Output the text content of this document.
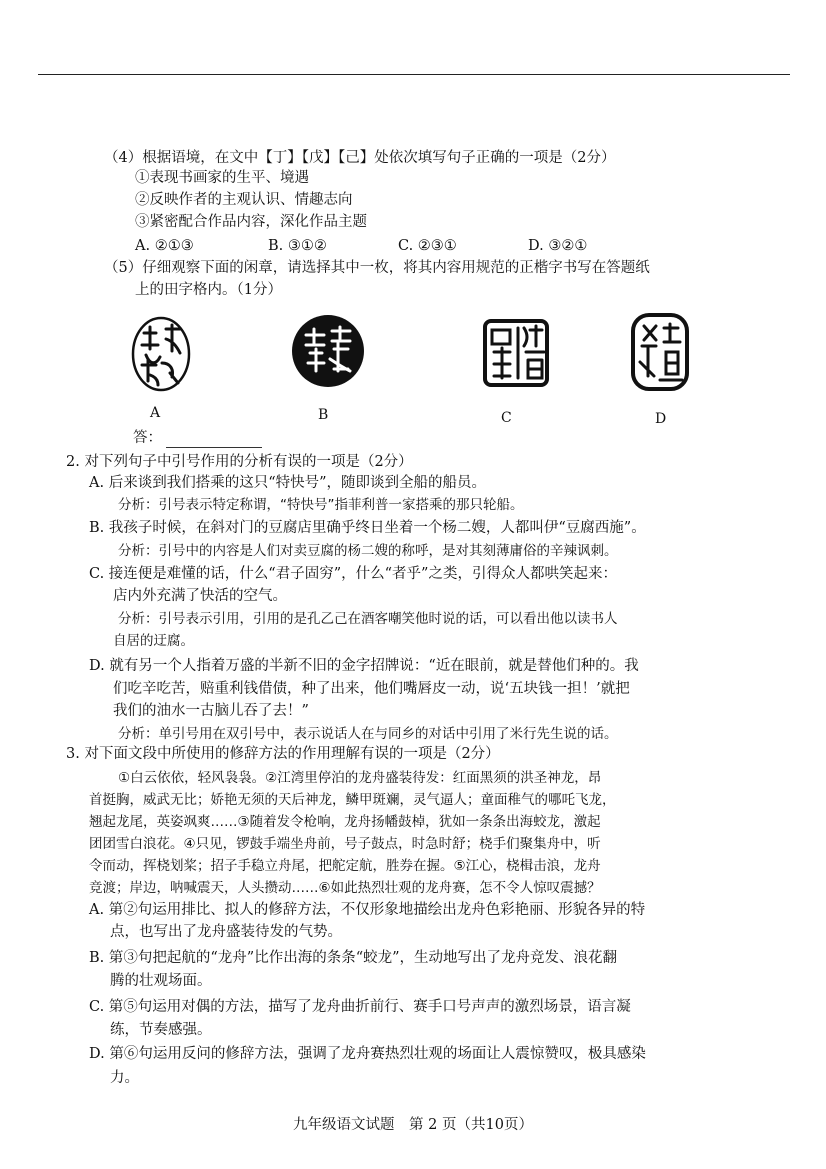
（4）根据语境，在文中【丁】【戊】【己】处依次填写句子正确的一项是（2分）
①表现书画家的生平、境遇
②反映作者的主观认识、情趣志向
③紧密配合作品内容，深化作品主题
A. ②①③	B. ③①②	C. ②③①	D. ③②①
（5）仔细观察下面的闲章，请选择其中一枚，将其内容用规范的正楷字书写在答题纸
上的田字格内。（1分）
A	B	C	D
答：
2. 对下列句子中引号作用的分析有误的一项是（2分）
A. 后来谈到我们搭乘的这只“特快号”，随即谈到全船的船员。
分析：引号表示特定称谓，“特快号”指菲利普一家搭乘的那只轮船。
B. 我孩子时候，在斜对门的豆腐店里确乎终日坐着一个杨二嫂，人都叫伊“豆腐西施”。
分析：引号中的内容是人们对卖豆腐的杨二嫂的称呼，是对其刻薄庸俗的辛辣讽刺。
C. 接连便是难懂的话，什么“君子固穷”，什么“者乎”之类，引得众人都哄笑起来：
店内外充满了快活的空气。
分析：引号表示引用，引用的是孔乙己在酒客嘲笑他时说的话，可以看出他以读书人
自居的迂腐。
D. 就有另一个人指着万盛的半新不旧的金字招牌说：“近在眼前，就是替他们种的。我
们吃辛吃苦，赔重利钱借债，种了出来，他们嘴唇皮一动，说‘五块钱一担！’就把
我们的油水一古脑儿吞了去！”
分析：单引号用在双引号中，表示说话人在与同乡的对话中引用了米行先生说的话。
3. 对下面文段中所使用的修辞方法的作用理解有误的一项是（2分）
①白云依依，轻风袅袅。②江湾里停泊的龙舟盛装待发：红面黑须的洪圣神龙，昂
首挺胸，威武无比；娇艳无须的天后神龙，鳞甲斑斓，灵气逼人；童面稚气的哪吒飞龙，
翘起龙尾，英姿飒爽……③随着发令枪响，龙舟扬幡鼓棹，犹如一条条出海蛟龙，激起
团团雪白浪花。④只见，锣鼓手端坐舟前，号子鼓点，时急时舒；桡手们聚集舟中，听
令而动，挥桡划桨；招子手稳立舟尾，把舵定航，胜券在握。⑤江心，桡楫击浪，龙舟
竞渡；岸边，呐喊震天，人头攒动……⑥如此热烈壮观的龙舟赛，怎不令人惊叹震撼？
A. 第②句运用排比、拟人的修辞方法，不仅形象地描绘出龙舟色彩艳丽、形貌各异的特
点，也写出了龙舟盛装待发的气势。
B. 第③句把起航的“龙舟”比作出海的条条“蛟龙”，生动地写出了龙舟竞发、浪花翻
腾的壮观场面。
C. 第⑤句运用对偶的方法，描写了龙舟曲折前行、赛手口号声声的激烈场景，语言凝
练，节奏感强。
D. 第⑥句运用反问的修辞方法，强调了龙舟赛热烈壮观的场面让人震惊赞叹，极具感染
力。
九年级语文试题　第 2 页（共10页）
